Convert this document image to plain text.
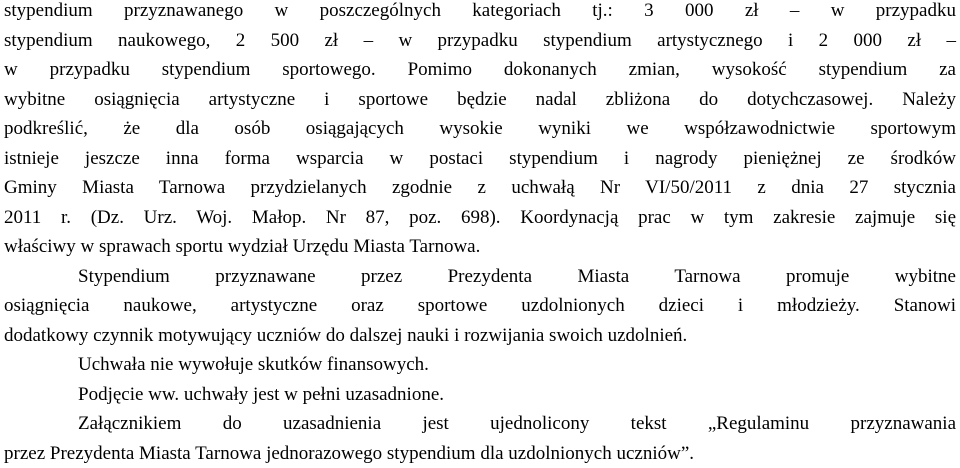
stypendium przyznawanego w poszczególnych kategoriach tj.: 3 000 zł – w przypadku
stypendium naukowego, 2 500 zł – w przypadku stypendium artystycznego i 2 000 zł –
w przypadku stypendium sportowego. Pomimo dokonanych zmian, wysokość stypendium za
wybitne osiągnięcia artystyczne i sportowe będzie nadal zbliżona do dotychczasowej. Należy
podkreślić, że dla osób osiągających wysokie wyniki we współzawodnictwie sportowym
istnieje jeszcze inna forma wsparcia w postaci stypendium i nagrody pieniężnej ze środków
Gminy Miasta Tarnowa przydzielanych zgodnie z uchwałą Nr VI/50/2011 z dnia 27 stycznia
2011 r. (Dz. Urz. Woj. Małop. Nr 87, poz. 698). Koordynacją prac w tym zakresie zajmuje się
właściwy w sprawach sportu wydział Urzędu Miasta Tarnowa.
Stypendium przyznawane przez Prezydenta Miasta Tarnowa promuje wybitne
osiągnięcia naukowe, artystyczne oraz sportowe uzdolnionych dzieci i młodzieży. Stanowi
dodatkowy czynnik motywujący uczniów do dalszej nauki i rozwijania swoich uzdolnień.
Uchwała nie wywołuje skutków finansowych.
Podjęcie ww. uchwały jest w pełni uzasadnione.
Załącznikiem do uzasadnienia jest ujednolicony tekst „Regulaminu przyznawania
przez Prezydenta Miasta Tarnowa jednorazowego stypendium dla uzdolnionych uczniów”.
